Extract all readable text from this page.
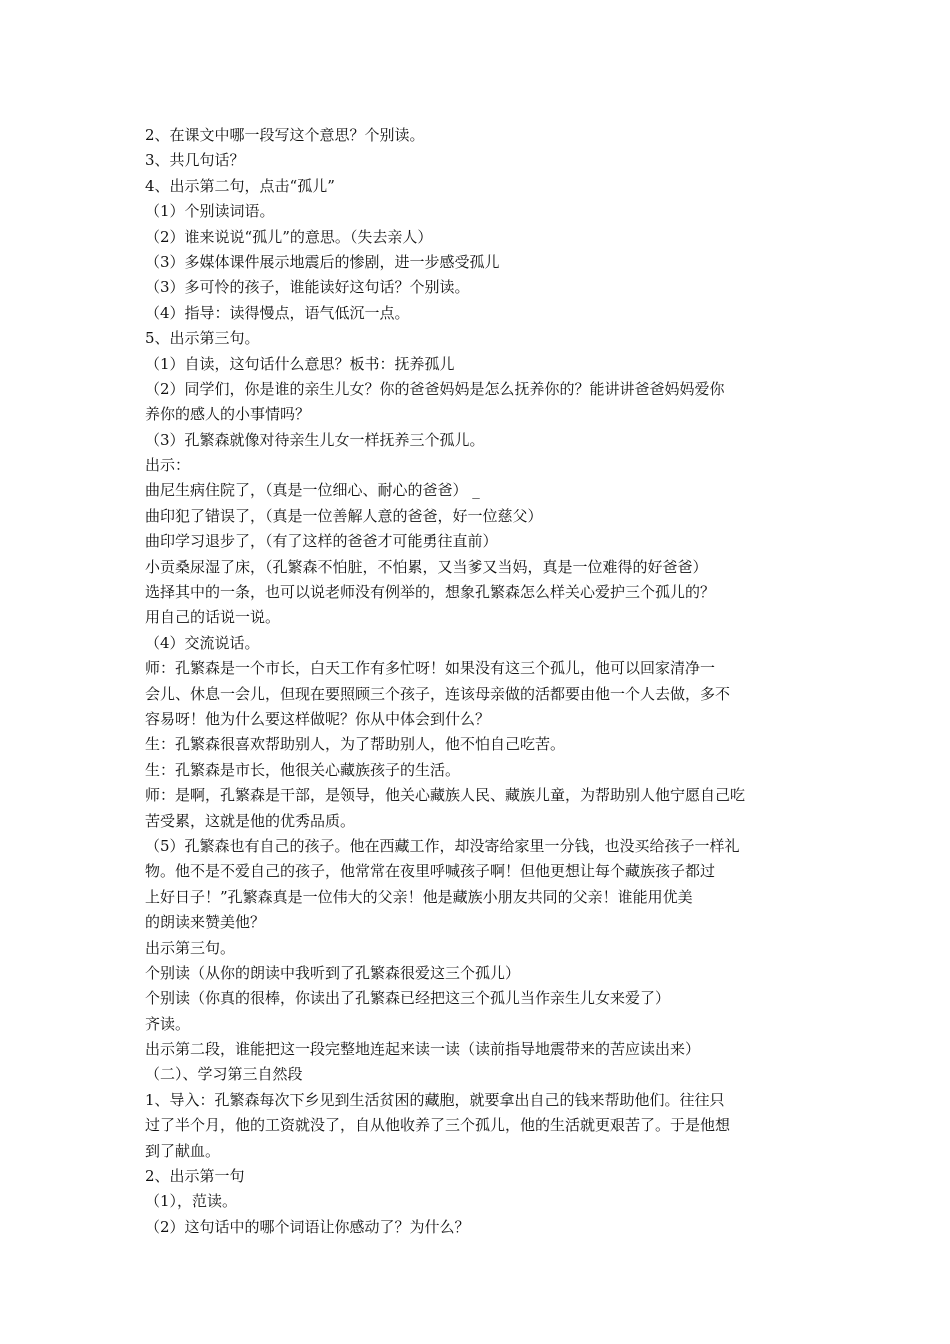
2、在课文中哪一段写这个意思？个别读。
3、共几句话？
4、出示第二句，点击“孤儿”
（1）个别读词语。
（2）谁来说说“孤儿”的意思。（失去亲人）
（3）多媒体课件展示地震后的惨剧，进一步感受孤儿
（3）多可怜的孩子，谁能读好这句话？个别读。
（4）指导：读得慢点，语气低沉一点。
5、出示第三句。
（1）自读，这句话什么意思？板书：抚养孤儿
（2）同学们，你是谁的亲生儿女？你的爸爸妈妈是怎么抚养你的？能讲讲爸爸妈妈爱你
养你的感人的小事情吗？
（3）孔繁森就像对待亲生儿女一样抚养三个孤儿。
出示：
曲尼生病住院了，（真是一位细心、耐心的爸爸） _
曲印犯了错误了，（真是一位善解人意的爸爸，好一位慈父）
曲印学习退步了，（有了这样的爸爸才可能勇往直前）
小贡桑尿湿了床，（孔繁森不怕脏，不怕累，又当爹又当妈，真是一位难得的好爸爸）
选择其中的一条，也可以说老师没有例举的，想象孔繁森怎么样关心爱护三个孤儿的？
用自己的话说一说。
（4）交流说话。
师：孔繁森是一个市长，白天工作有多忙呀！如果没有这三个孤儿，他可以回家清净一
会儿、休息一会儿，但现在要照顾三个孩子，连该母亲做的活都要由他一个人去做，多不
容易呀！他为什么要这样做呢？你从中体会到什么？
生：孔繁森很喜欢帮助别人，为了帮助别人，他不怕自己吃苦。
生：孔繁森是市长，他很关心藏族孩子的生活。
师：是啊，孔繁森是干部，是领导，他关心藏族人民、藏族儿童，为帮助别人他宁愿自己吃
苦受累，这就是他的优秀品质。
（5）孔繁森也有自己的孩子。他在西藏工作，却没寄给家里一分钱，也没买给孩子一样礼
物。他不是不爱自己的孩子，他常常在夜里呼喊孩子啊！但他更想让每个藏族孩子都过
上好日子！”孔繁森真是一位伟大的父亲！他是藏族小朋友共同的父亲！谁能用优美
的朗读来赞美他？
出示第三句。
个别读（从你的朗读中我听到了孔繁森很爱这三个孤儿）
个别读（你真的很棒，你读出了孔繁森已经把这三个孤儿当作亲生儿女来爱了）
齐读。
出示第二段，谁能把这一段完整地连起来读一读（读前指导地震带来的苦应读出来）
（二）、学习第三自然段
1、导入：孔繁森每次下乡见到生活贫困的藏胞，就要拿出自己的钱来帮助他们。往往只
过了半个月，他的工资就没了，自从他收养了三个孤儿，他的生活就更艰苦了。于是他想
到了献血。
2、出示第一句
（1），范读。
（2）这句话中的哪个词语让你感动了？为什么？
